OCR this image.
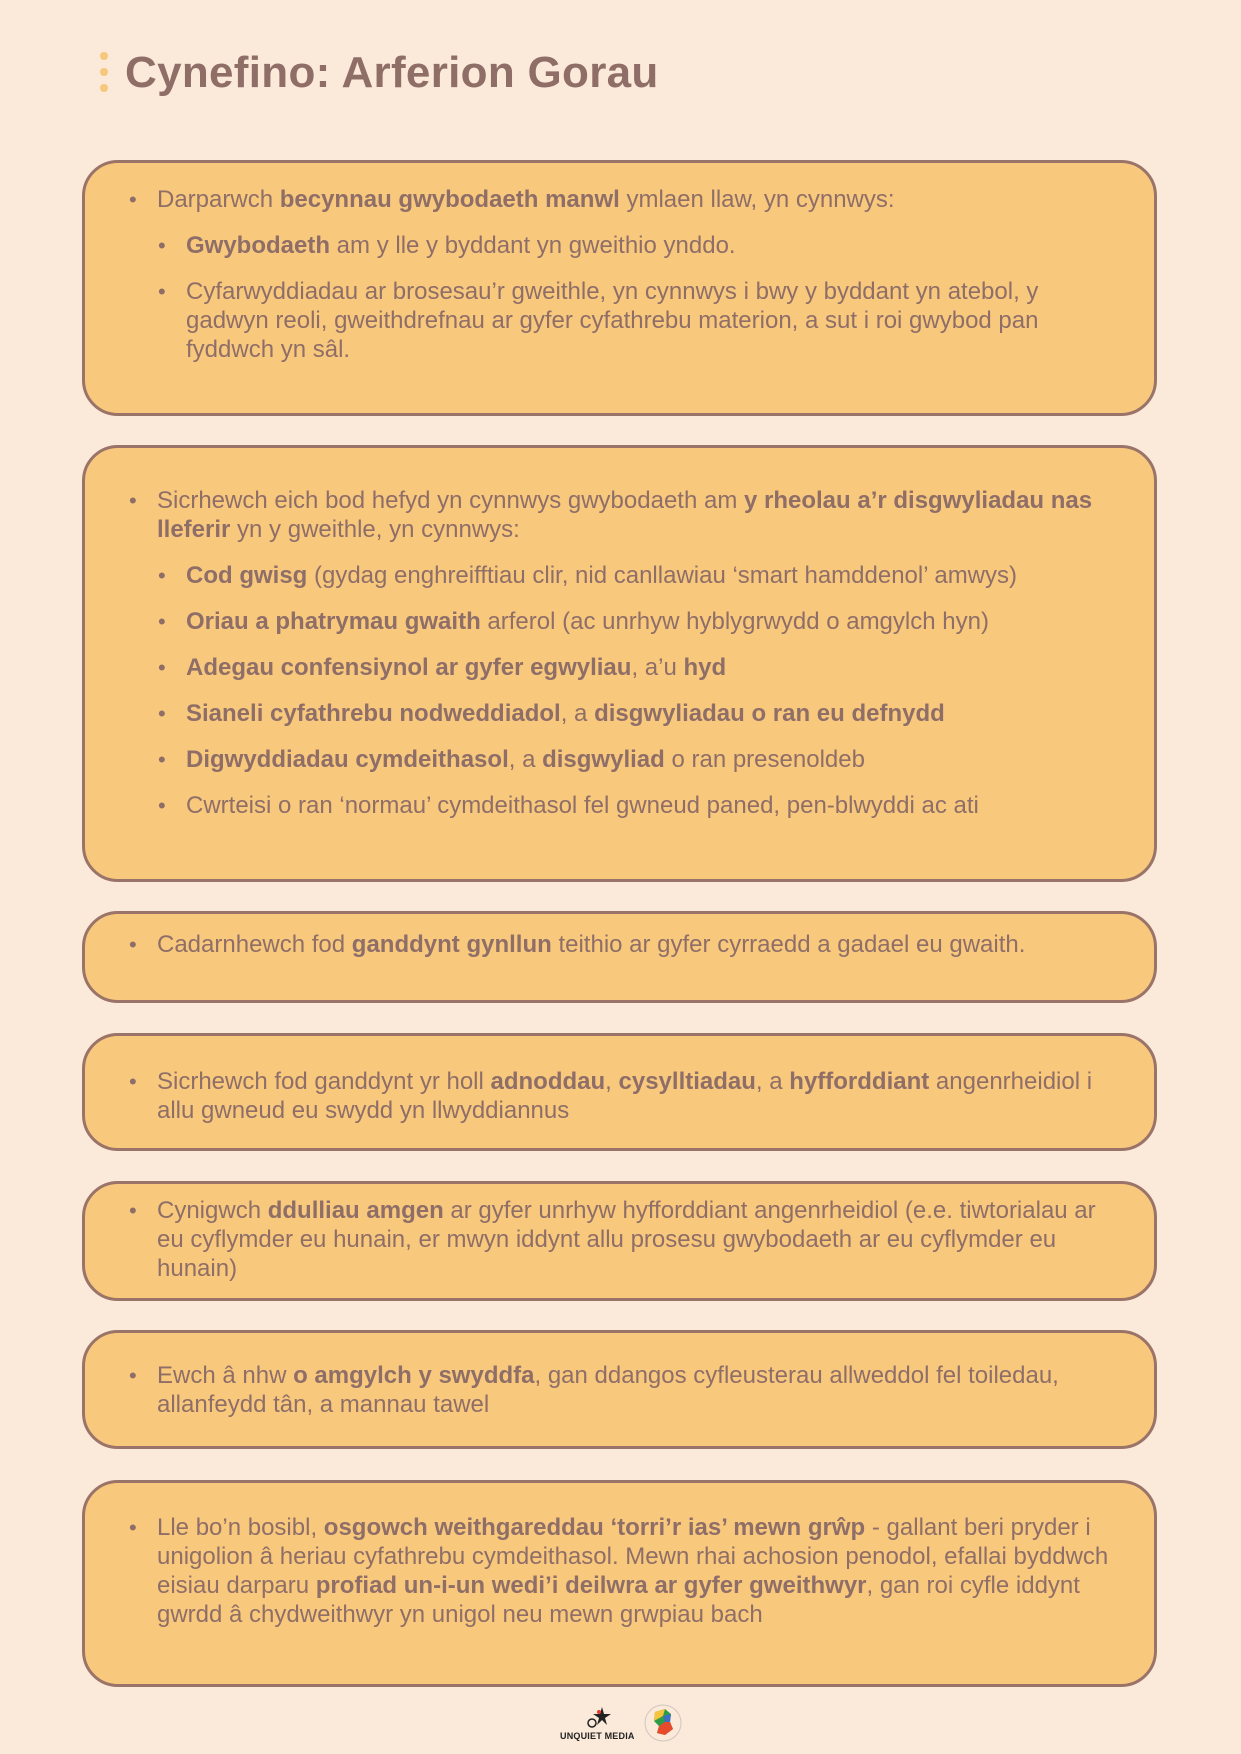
Cynefino: Arferion Gorau
• Darparwch becynnau gwybodaeth manwl ymlaen llaw, yn cynnwys:
• Gwybodaeth am y lle y byddant yn gweithio ynddo.
• Cyfarwyddiadau ar brosesau’r gweithle, yn cynnwys i bwy y byddant yn atebol, y gadwyn reoli, gweithdrefnau ar gyfer cyfathrebu materion, a sut i roi gwybod pan fyddwch yn sâl.
• Sicrhewch eich bod hefyd yn cynnwys gwybodaeth am y rheolau a’r disgwyliadau nas lleferir yn y gweithle, yn cynnwys:
• Cod gwisg (gydag enghreifftiau clir, nid canllawiau ‘smart hamddenol’ amwys)
• Oriau a phatrymau gwaith arferol (ac unrhyw hyblygrwydd o amgylch hyn)
• Adegau confensiynol ar gyfer egwyliau, a’u hyd
• Sianeli cyfathrebu nodweddiadol, a disgwyliadau o ran eu defnydd
• Digwyddiadau cymdeithasol, a disgwyliad o ran presenoldeb
• Cwrteisi o ran ‘normau’ cymdeithasol fel gwneud paned, pen-blwyddi ac ati
• Cadarnhewch fod ganddynt gynllun teithio ar gyfer cyrraedd a gadael eu gwaith.
• Sicrhewch fod ganddynt yr holl adnoddau, cysylltiadau, a hyfforddiant angenrheidiol i allu gwneud eu swydd yn llwyddiannus
• Cynigwch ddulliau amgen ar gyfer unrhyw hyfforddiant angenrheidiol (e.e. tiwtorialau ar eu cyflymder eu hunain, er mwyn iddynt allu prosesu gwybodaeth ar eu cyflymder eu hunain)
• Ewch â nhw o amgylch y swyddfa, gan ddangos cyfleusterau allweddol fel toiledau, allanfeydd tân, a mannau tawel
• Lle bo’n bosibl, osgowch weithgareddau ‘torri’r ias’ mewn grŵp - gallant beri pryder i unigolion â heriau cyfathrebu cymdeithasol. Mewn rhai achosion penodol, efallai byddwch eisiau darparu profiad un-i-un wedi’i deilwra ar gyfer gweithwyr, gan roi cyfle iddynt gwrdd â chydweithwyr yn unigol neu mewn grwpiau bach
UNQUIET MEDIA
